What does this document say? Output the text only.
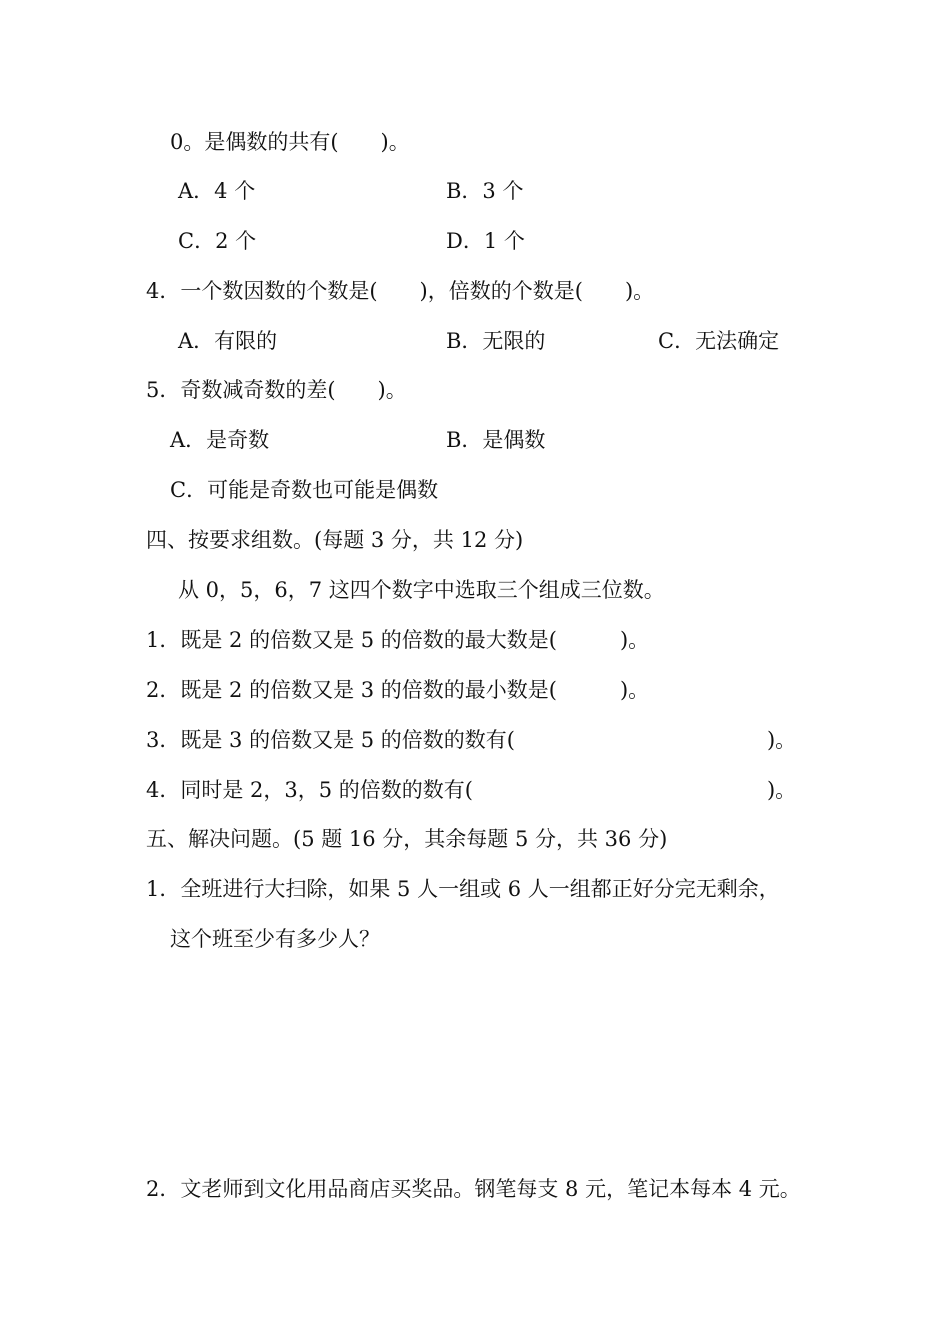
0。是偶数的共有(　　)。
A．4 个	B．3 个
C．2 个	D．1 个
4．一个数因数的个数是(　　)，倍数的个数是(　　)。
A．有限的	B．无限的	C．无法确定
5．奇数减奇数的差(　　)。
A．是奇数	B．是偶数
C．可能是奇数也可能是偶数
四、按要求组数。(每题 3 分，共 12 分)
从 0，5，6，7 这四个数字中选取三个组成三位数。
1．既是 2 的倍数又是 5 的倍数的最大数是(　　　)。
2．既是 2 的倍数又是 3 的倍数的最小数是(　　　)。
3．既是 3 的倍数又是 5 的倍数的数有(　　　　　　　　　　　　)。
4．同时是 2，3，5 的倍数的数有(　　　　　　　　　　　　　　)。
五、解决问题。(5 题 16 分，其余每题 5 分，共 36 分)
1．全班进行大扫除，如果 5 人一组或 6 人一组都正好分完无剩余，
这个班至少有多少人？
2．文老师到文化用品商店买奖品。钢笔每支 8 元，笔记本每本 4 元。
